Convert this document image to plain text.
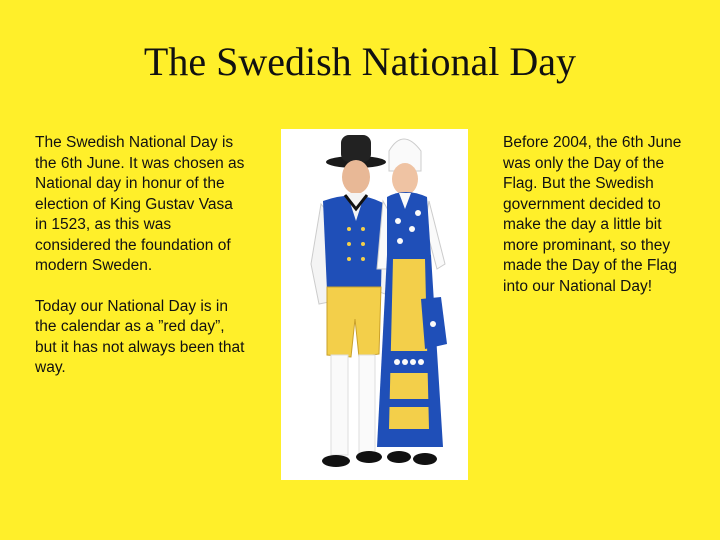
The Swedish National Day

The Swedish National Day is the 6th June. It was chosen as National day in honur of the election of King Gustav Vasa in 1523, as this was considered the foundation of modern Sweden.

Today our National Day is in the calendar as a ”red day”, but it has not always been that way.

Before 2004, the 6th June was only the Day of the Flag. But the Swedish government decided to make the day a little bit more prominant, so they made the Day of the Flag into our National Day!
